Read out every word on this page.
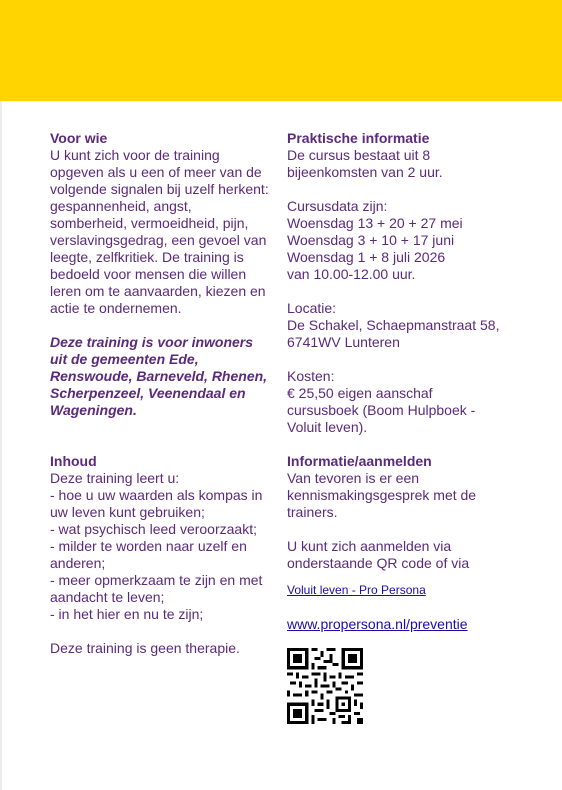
Voor wie
U kunt zich voor de training
opgeven als u een of meer van de
volgende signalen bij uzelf herkent:
gespannenheid, angst,
somberheid, vermoeidheid, pijn,
verslavingsgedrag, een gevoel van
leegte, zelfkritiek. De training is
bedoeld voor mensen die willen
leren om te aanvaarden, kiezen en
actie te ondernemen.
Deze training is voor inwoners
uit de gemeenten Ede,
Renswoude, Barneveld, Rhenen,
Scherpenzeel, Veenendaal en
Wageningen.
Inhoud
Deze training leert u:
- hoe u uw waarden als kompas in
uw leven kunt gebruiken;
- wat psychisch leed veroorzaakt;
- milder te worden naar uzelf en
anderen;
- meer opmerkzaam te zijn en met
aandacht te leven;
- in het hier en nu te zijn;
Deze training is geen therapie.
Praktische informatie
De cursus bestaat uit 8
bijeenkomsten van 2 uur.
Cursusdata zijn:
Woensdag 13 + 20 + 27 mei
Woensdag 3 + 10 + 17 juni
Woensdag 1 + 8 juli 2026
van 10.00-12.00 uur.
Locatie:
De Schakel, Schaepmanstraat 58,
6741WV Lunteren
Kosten:
€ 25,50 eigen aanschaf
cursusboek (Boom Hulpboek -
Voluit leven).
Informatie/aanmelden
Van tevoren is er een
kennismakingsgesprek met de
trainers.
U kunt zich aanmelden via
onderstaande QR code of via
Voluit leven - Pro Persona
www.propersona.nl/preventie
